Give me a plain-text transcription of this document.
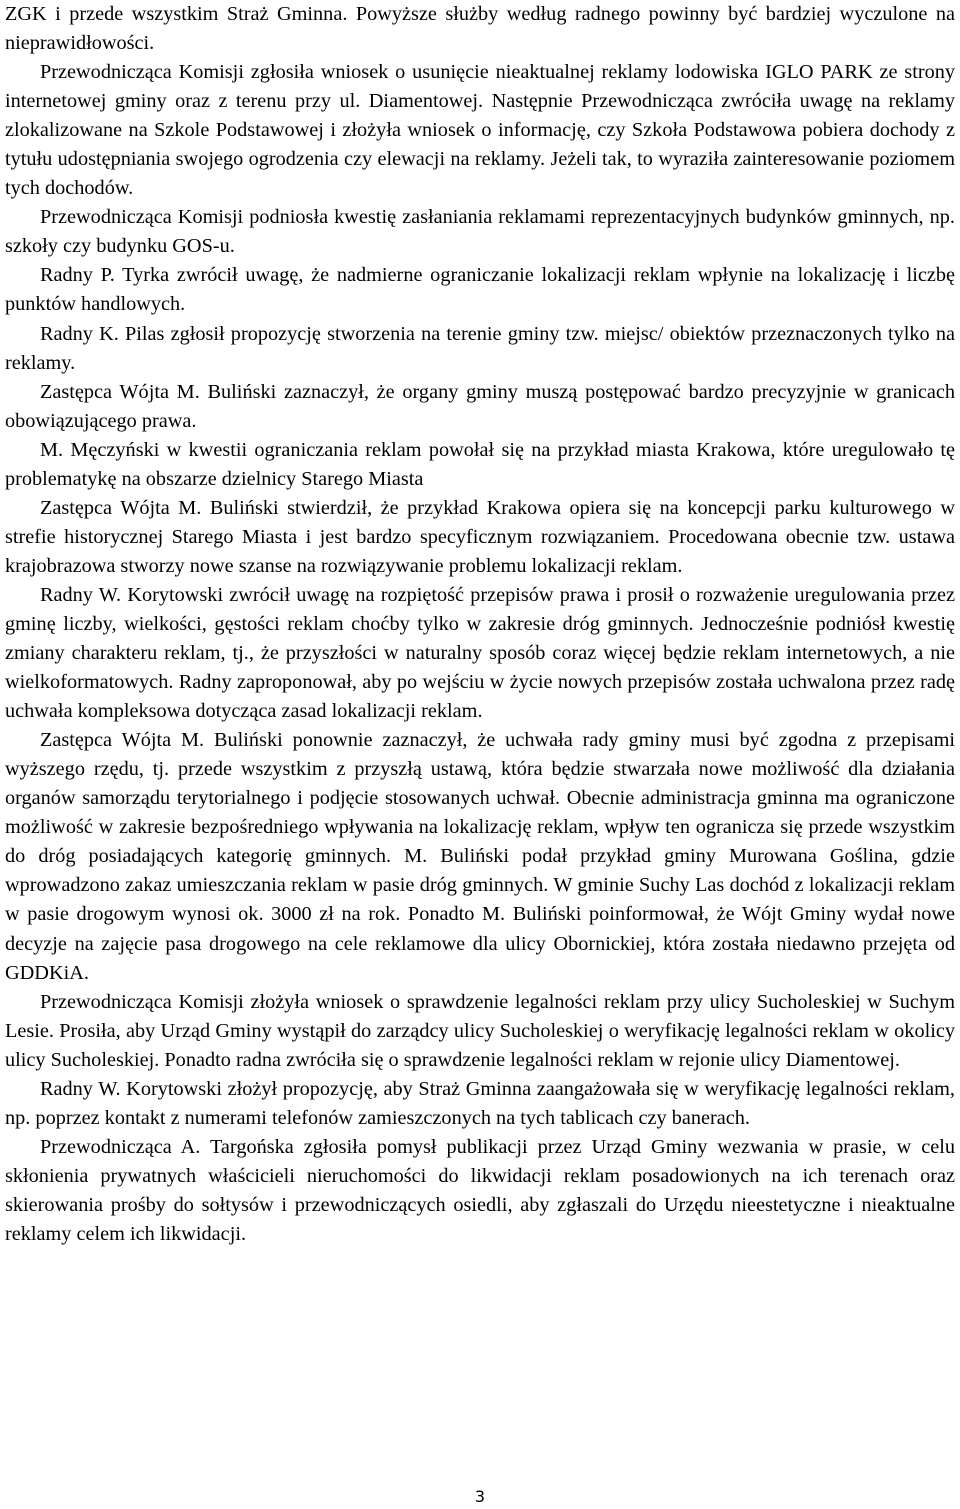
ZGK i przede wszystkim Straż Gminna. Powyższe służby według radnego powinny być bardziej wyczulone na nieprawidłowości.

Przewodnicząca Komisji zgłosiła wniosek o usunięcie nieaktualnej reklamy lodowiska IGLO PARK ze strony internetowej gminy oraz z terenu przy ul. Diamentowej. Następnie Przewodnicząca zwróciła uwagę na reklamy zlokalizowane na Szkole Podstawowej i złożyła wniosek o informację, czy Szkoła Podstawowa pobiera dochody z tytułu udostępniania swojego ogrodzenia czy elewacji na reklamy. Jeżeli tak, to wyraziła zainteresowanie poziomem tych dochodów.

Przewodnicząca Komisji podniosła kwestię zasłaniania reklamami reprezentacyjnych budynków gminnych, np. szkoły czy budynku GOS-u.

Radny P. Tyrka zwrócił uwagę, że nadmierne ograniczanie lokalizacji reklam wpłynie na lokalizację i liczbę punktów handlowych.

Radny K. Pilas zgłosił propozycję stworzenia na terenie gminy tzw. miejsc/ obiektów przeznaczonych tylko na reklamy.

Zastępca Wójta M. Buliński zaznaczył, że organy gminy muszą postępować bardzo precyzyjnie w granicach obowiązującego prawa.

M. Męczyński w kwestii ograniczania reklam powołał się na przykład miasta Krakowa, które uregulowało tę problematykę na obszarze dzielnicy Starego Miasta

Zastępca Wójta M. Buliński stwierdził, że przykład Krakowa opiera się na koncepcji parku kulturowego w strefie historycznej Starego Miasta i jest bardzo specyficznym rozwiązaniem. Procedowana obecnie tzw. ustawa krajobrazowa stworzy nowe szanse na rozwiązywanie problemu lokalizacji reklam.

Radny W. Korytowski zwrócił uwagę na rozpiętość przepisów prawa i prosił o rozważenie uregulowania przez gminę liczby, wielkości, gęstości reklam choćby tylko w zakresie dróg gminnych. Jednocześnie podniósł kwestię zmiany charakteru reklam, tj., że przyszłości w naturalny sposób coraz więcej będzie reklam internetowych, a nie wielkoformatowych. Radny zaproponował, aby po wejściu w życie nowych przepisów została uchwalona przez radę uchwała kompleksowa dotycząca zasad lokalizacji reklam.

Zastępca Wójta M. Buliński ponownie zaznaczył, że uchwała rady gminy musi być zgodna z przepisami wyższego rzędu, tj. przede wszystkim z przyszłą ustawą, która będzie stwarzała nowe możliwość dla działania organów samorządu terytorialnego i podjęcie stosowanych uchwał. Obecnie administracja gminna ma ograniczone możliwość w zakresie bezpośredniego wpływania na lokalizację reklam, wpływ ten ogranicza się przede wszystkim do dróg posiadających kategorię gminnych. M. Buliński podał przykład gminy Murowana Goślina, gdzie wprowadzono zakaz umieszczania reklam w pasie dróg gminnych. W gminie Suchy Las dochód z lokalizacji reklam w pasie drogowym wynosi ok. 3000 zł na rok. Ponadto M. Buliński poinformował, że Wójt Gminy wydał nowe decyzje na zajęcie pasa drogowego na cele reklamowe dla ulicy Obornickiej, która została niedawno przejęta od GDDKiA.

Przewodnicząca Komisji złożyła wniosek o sprawdzenie legalności reklam przy ulicy Sucholeskiej w Suchym Lesie. Prosiła, aby Urząd Gminy wystąpił do zarządcy ulicy Sucholeskiej o weryfikację legalności reklam w okolicy ulicy Sucholeskiej. Ponadto radna zwróciła się o sprawdzenie legalności reklam w rejonie ulicy Diamentowej.

Radny W. Korytowski złożył propozycję, aby Straż Gminna zaangażowała się w weryfikację legalności reklam, np. poprzez kontakt z numerami telefonów zamieszczonych na tych tablicach czy banerach.

Przewodnicząca A. Targońska zgłosiła pomysł publikacji przez Urząd Gminy wezwania w prasie, w celu skłonienia prywatnych właścicieli nieruchomości do likwidacji reklam posadowionych na ich terenach oraz skierowania prośby do sołtysów i przewodniczących osiedli, aby zgłaszali do Urzędu nieestetyczne i nieaktualne reklamy celem ich likwidacji.

3
